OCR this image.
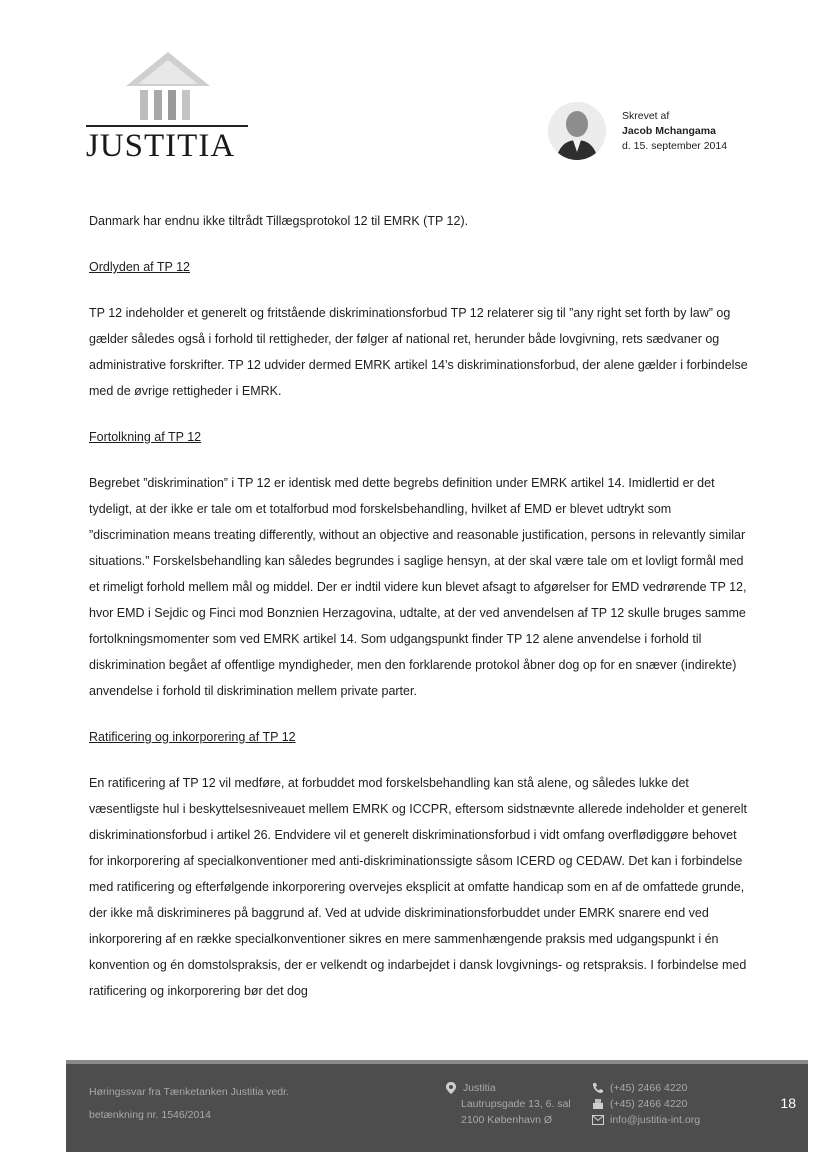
JUSTITIA
Skrevet af
Jacob Mchangama
d. 15. september 2014

Danmark har endnu ikke tiltrådt Tillægsprotokol 12 til EMRK (TP 12).

Ordlyden af TP 12

TP 12 indeholder et generelt og fritstående diskriminationsforbud TP 12 relaterer sig til ”any right set forth by law” og gælder således også i forhold til rettigheder, der følger af national ret, herunder både lovgivning, rets sædvaner og administrative forskrifter. TP 12 udvider dermed EMRK artikel 14’s diskriminationsforbud, der alene gælder i forbindelse med de øvrige rettigheder i EMRK.

Fortolkning af TP 12

Begrebet ”diskrimination” i TP 12 er identisk med dette begrebs definition under EMRK artikel 14. Imidlertid er det tydeligt, at der ikke er tale om et totalforbud mod forskelsbehandling, hvilket af EMD er blevet udtrykt som ”discrimination means treating differently, without an objective and reasonable justification, persons in relevantly similar situations.” Forskelsbehandling kan således begrundes i saglige hensyn, at der skal være tale om et lovligt formål med et rimeligt forhold mellem mål og middel. Der er indtil videre kun blevet afsagt to afgørelser for EMD vedrørende TP 12, hvor EMD i Sejdic og Finci mod Bonznien Herzagovina, udtalte, at der ved anvendelsen af TP 12 skulle bruges samme fortolkningsmomenter som ved EMRK artikel 14. Som udgangspunkt finder TP 12 alene anvendelse i forhold til diskrimination begået af offentlige myndigheder, men den forklarende protokol åbner dog op for en snæver (indirekte) anvendelse i forhold til diskrimination mellem private parter.

Ratificering og inkorporering af TP 12

En ratificering af TP 12 vil medføre, at forbuddet mod forskelsbehandling kan stå alene, og således lukke det væsentligste hul i beskyttelsesniveauet mellem EMRK og ICCPR, eftersom sidstnævnte allerede indeholder et generelt diskriminationsforbud i artikel 26. Endvidere vil et generelt diskriminationsforbud i vidt omfang overflødiggøre behovet for inkorporering af specialkonventioner med anti-diskriminationssigte såsom ICERD og CEDAW. Det kan i forbindelse med ratificering og efterfølgende inkorporering overvejes eksplicit at omfatte handicap som en af de omfattede grunde, der ikke må diskrimineres på baggrund af. Ved at udvide diskriminationsforbuddet under EMRK snarere end ved inkorporering af en række specialkonventioner sikres en mere sammenhængende praksis med udgangspunkt i én konvention og én domstolspraksis, der er velkendt og indarbejdet i dansk lovgivnings- og retspraksis. I forbindelse med ratificering og inkorporering bør det dog

Høringssvar fra Tænketanken Justitia vedr.
betænkning nr. 1546/2014
Justitia
Lautrupsgade 13, 6. sal
2100 København Ø
(+45) 2466 4220
(+45) 2466 4220
info@justitia-int.org
18
